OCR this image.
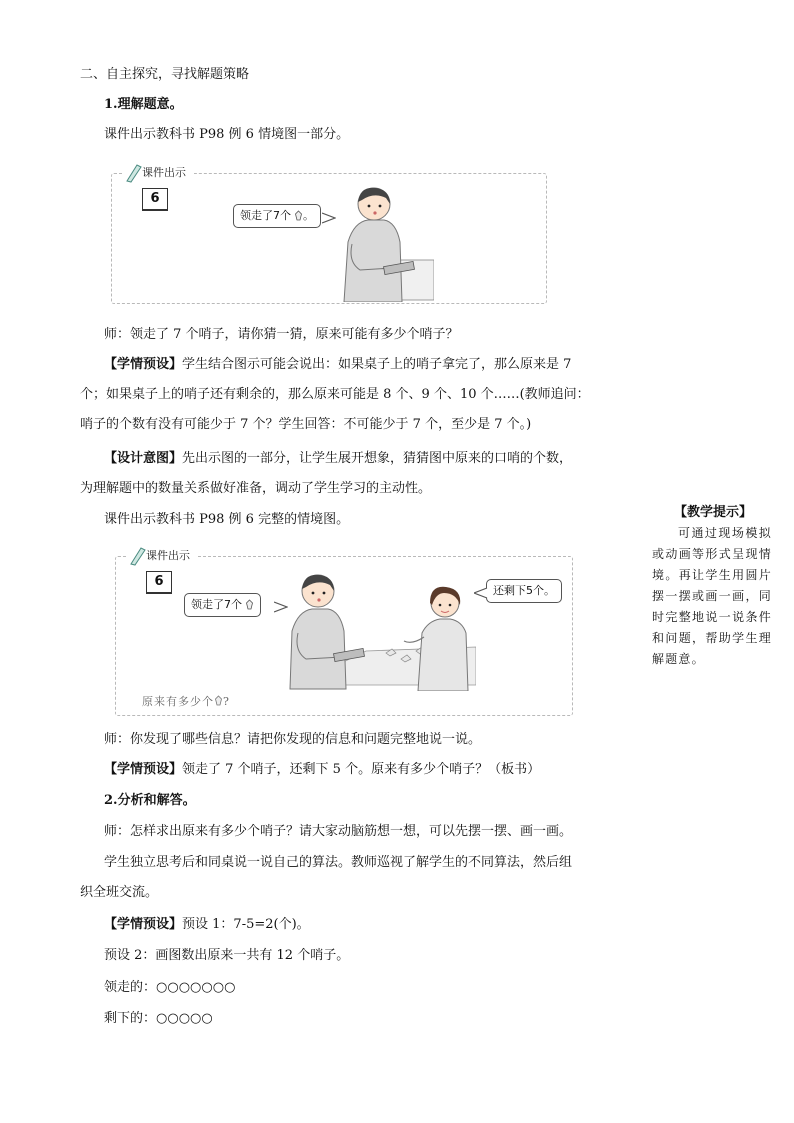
二、自主探究，寻找解题策略
1.理解题意。
课件出示教科书 P98 例 6 情境图一部分。
课件出示
6
领走了7个 。
师：领走了 7 个哨子，请你猜一猜，原来可能有多少个哨子？
【学情预设】学生结合图示可能会说出：如果桌子上的哨子拿完了，那么原来是 7
个；如果桌子上的哨子还有剩余的，那么原来可能是 8 个、9 个、10 个……(教师追问：
哨子的个数有没有可能少于 7 个？学生回答：不可能少于 7 个，至少是 7 个。)
【设计意图】先出示图的一部分，让学生展开想象，猜猜图中原来的口哨的个数，
为理解题中的数量关系做好准备，调动了学生学习的主动性。
课件出示教科书 P98 例 6 完整的情境图。
课件出示
6
领走了7个
还剩下5个。
原来有多少个 ?
师：你发现了哪些信息？请把你发现的信息和问题完整地说一说。
【学情预设】领走了 7 个哨子，还剩下 5 个。原来有多少个哨子？（板书）
2.分析和解答。
师：怎样求出原来有多少个哨子？请大家动脑筋想一想，可以先摆一摆、画一画。
学生独立思考后和同桌说一说自己的算法。教师巡视了解学生的不同算法，然后组
织全班交流。
【学情预设】预设 1：7-5=2(个)。
预设 2：画图数出原来一共有 12 个哨子。
领走的：○○○○○○○
剩下的：○○○○○
【教学提示】
可通过现场模拟或动画等形式呈现情境。再让学生用圆片摆一摆或画一画，同时完整地说一说条件和问题，帮助学生理解题意。
